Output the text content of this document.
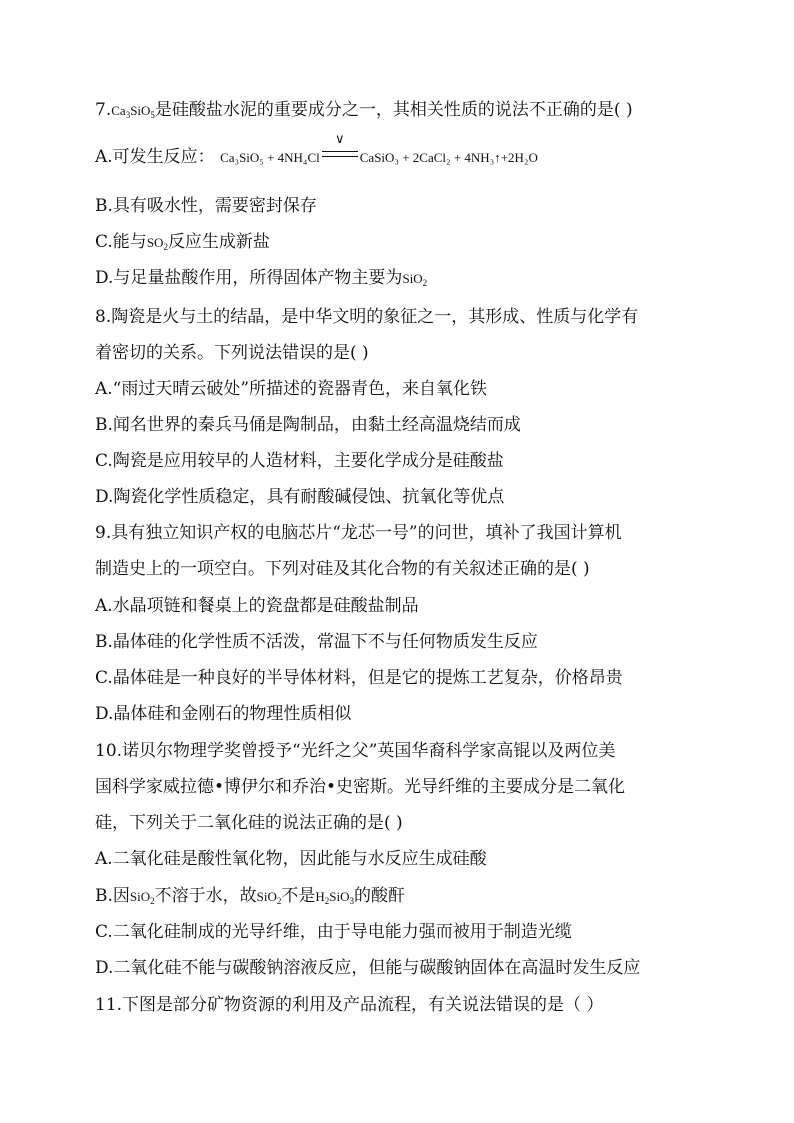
$7.Ca_3SiO_5$是硅酸盐水泥的重要成分之一，其相关性质的说法不正确的是( )
A.可发生反应： Ca₃SiO₅ + 4NH₄Cl
∨
CaSiO₃ + 2CaCl₂ + 4NH₃↑+2H₂O
B.具有吸水性，需要密封保存
C.能与$SO_2$反应生成新盐
D.与足量盐酸作用，所得固体产物主要为SiO$_2$
8.陶瓷是火与土的结晶，是中华文明的象征之一，其形成、性质与化学有
着密切的关系。下列说法错误的是( )
A.“雨过天晴云破处”所描述的瓷器青色，来自氧化铁
B.闻名世界的秦兵马俑是陶制品，由黏土经高温烧结而成
C.陶瓷是应用较早的人造材料，主要化学成分是硅酸盐
D.陶瓷化学性质稳定，具有耐酸碱侵蚀、抗氧化等优点
9.具有独立知识产权的电脑芯片“龙芯一号”的问世，填补了我国计算机
制造史上的一项空白。下列对硅及其化合物的有关叙述正确的是( )
A.水晶项链和餐桌上的瓷盘都是硅酸盐制品
B.晶体硅的化学性质不活泼，常温下不与任何物质发生反应
C.晶体硅是一种良好的半导体材料，但是它的提炼工艺复杂，价格昂贵
D.晶体硅和金刚石的物理性质相似
10.诺贝尔物理学奖曾授予“光纤之父”英国华裔科学家高锟以及两位美
国科学家威拉德•博伊尔和乔治•史密斯。光导纤维的主要成分是二氧化
硅，下列关于二氧化硅的说法正确的是( )
A.二氧化硅是酸性氧化物，因此能与水反应生成硅酸
B.因SiO$_2$不溶于水，故SiO$_2$不是$H_2SiO_3$的酸酐
C.二氧化硅制成的光导纤维，由于导电能力强而被用于制造光缆
D.二氧化硅不能与碳酸钠溶液反应，但能与碳酸钠固体在高温时发生反应
11.下图是部分矿物资源的利用及产品流程，有关说法错误的是（ ）
